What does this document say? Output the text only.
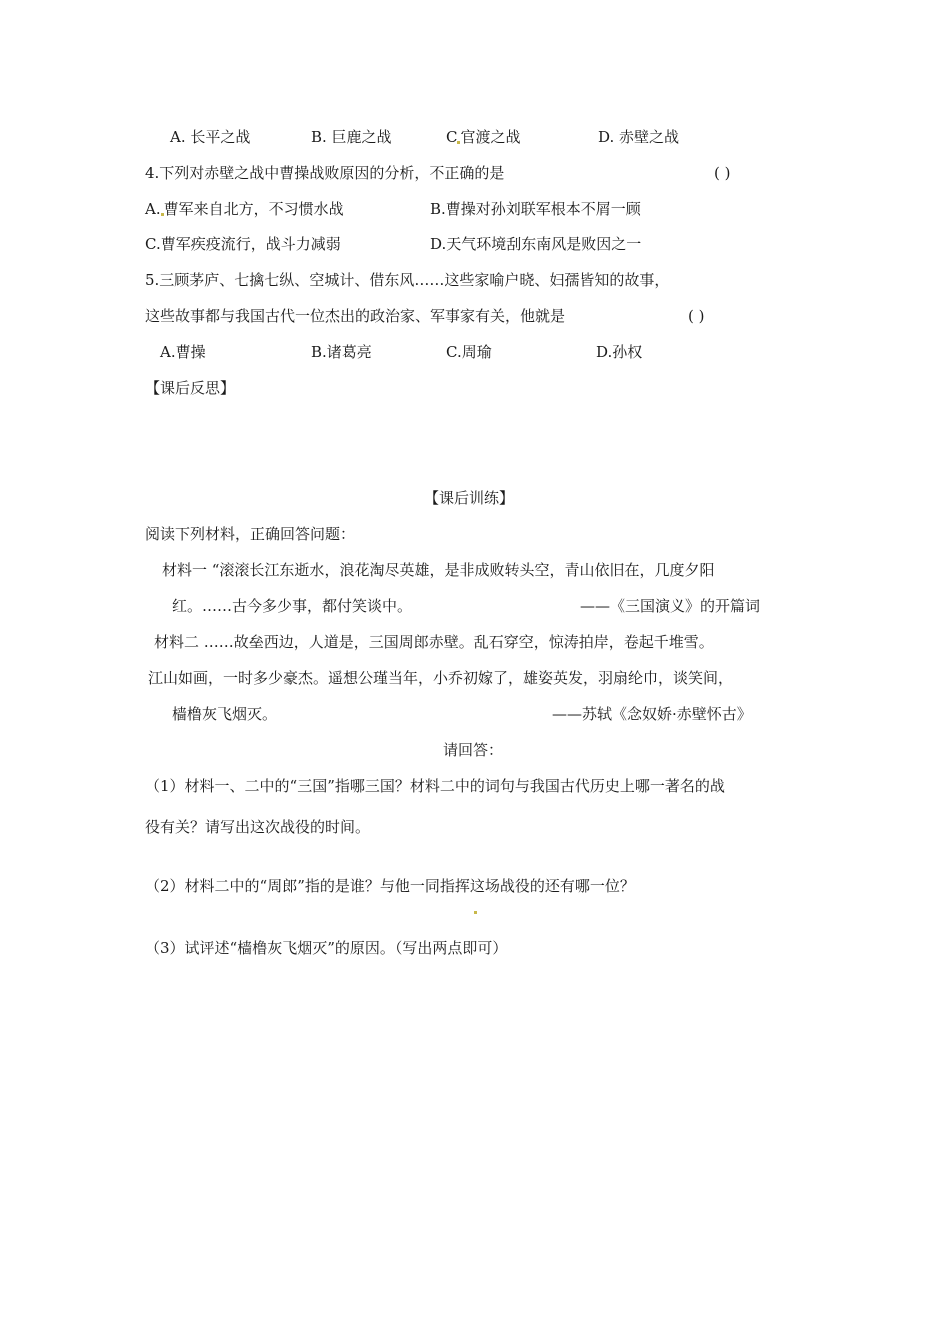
A. 长平之战	B. 巨鹿之战	C 官渡之战	D. 赤壁之战
4.下列对赤壁之战中曹操战败原因的分析，不正确的是	( )
A. 曹军来自北方，不习惯水战	B.曹操对孙刘联军根本不屑一顾
C.曹军疾疫流行，战斗力减弱	D.天气环境刮东南风是败因之一
5.三顾茅庐、七擒七纵、空城计、借东风……这些家喻户晓、妇孺皆知的故事，
这些故事都与我国古代一位杰出的政治家、军事家有关，他就是	( )
A.曹操	B.诸葛亮	C.周瑜	D.孙权
【课后反思】
【课后训练】
阅读下列材料，正确回答问题：
材料一 “滚滚长江东逝水，浪花淘尽英雄，是非成败转头空，青山依旧在，几度夕阳
红。……古今多少事，都付笑谈中。	——《三国演义》的开篇词
材料二 ……故垒西边，人道是，三国周郎赤壁。乱石穿空，惊涛拍岸，卷起千堆雪。
江山如画，一时多少豪杰。遥想公瑾当年，小乔初嫁了，雄姿英发，羽扇纶巾，谈笑间，
樯橹灰飞烟灭。	——苏轼《念奴娇·赤壁怀古》
请回答：
（1）材料一、二中的“三国”指哪三国？材料二中的词句与我国古代历史上哪一著名的战
役有关？请写出这次战役的时间。
（2）材料二中的“周郎”指的是谁？与他一同指挥这场战役的还有哪一位？
（3）试评述“樯橹灰飞烟灭”的原因。（写出两点即可）
